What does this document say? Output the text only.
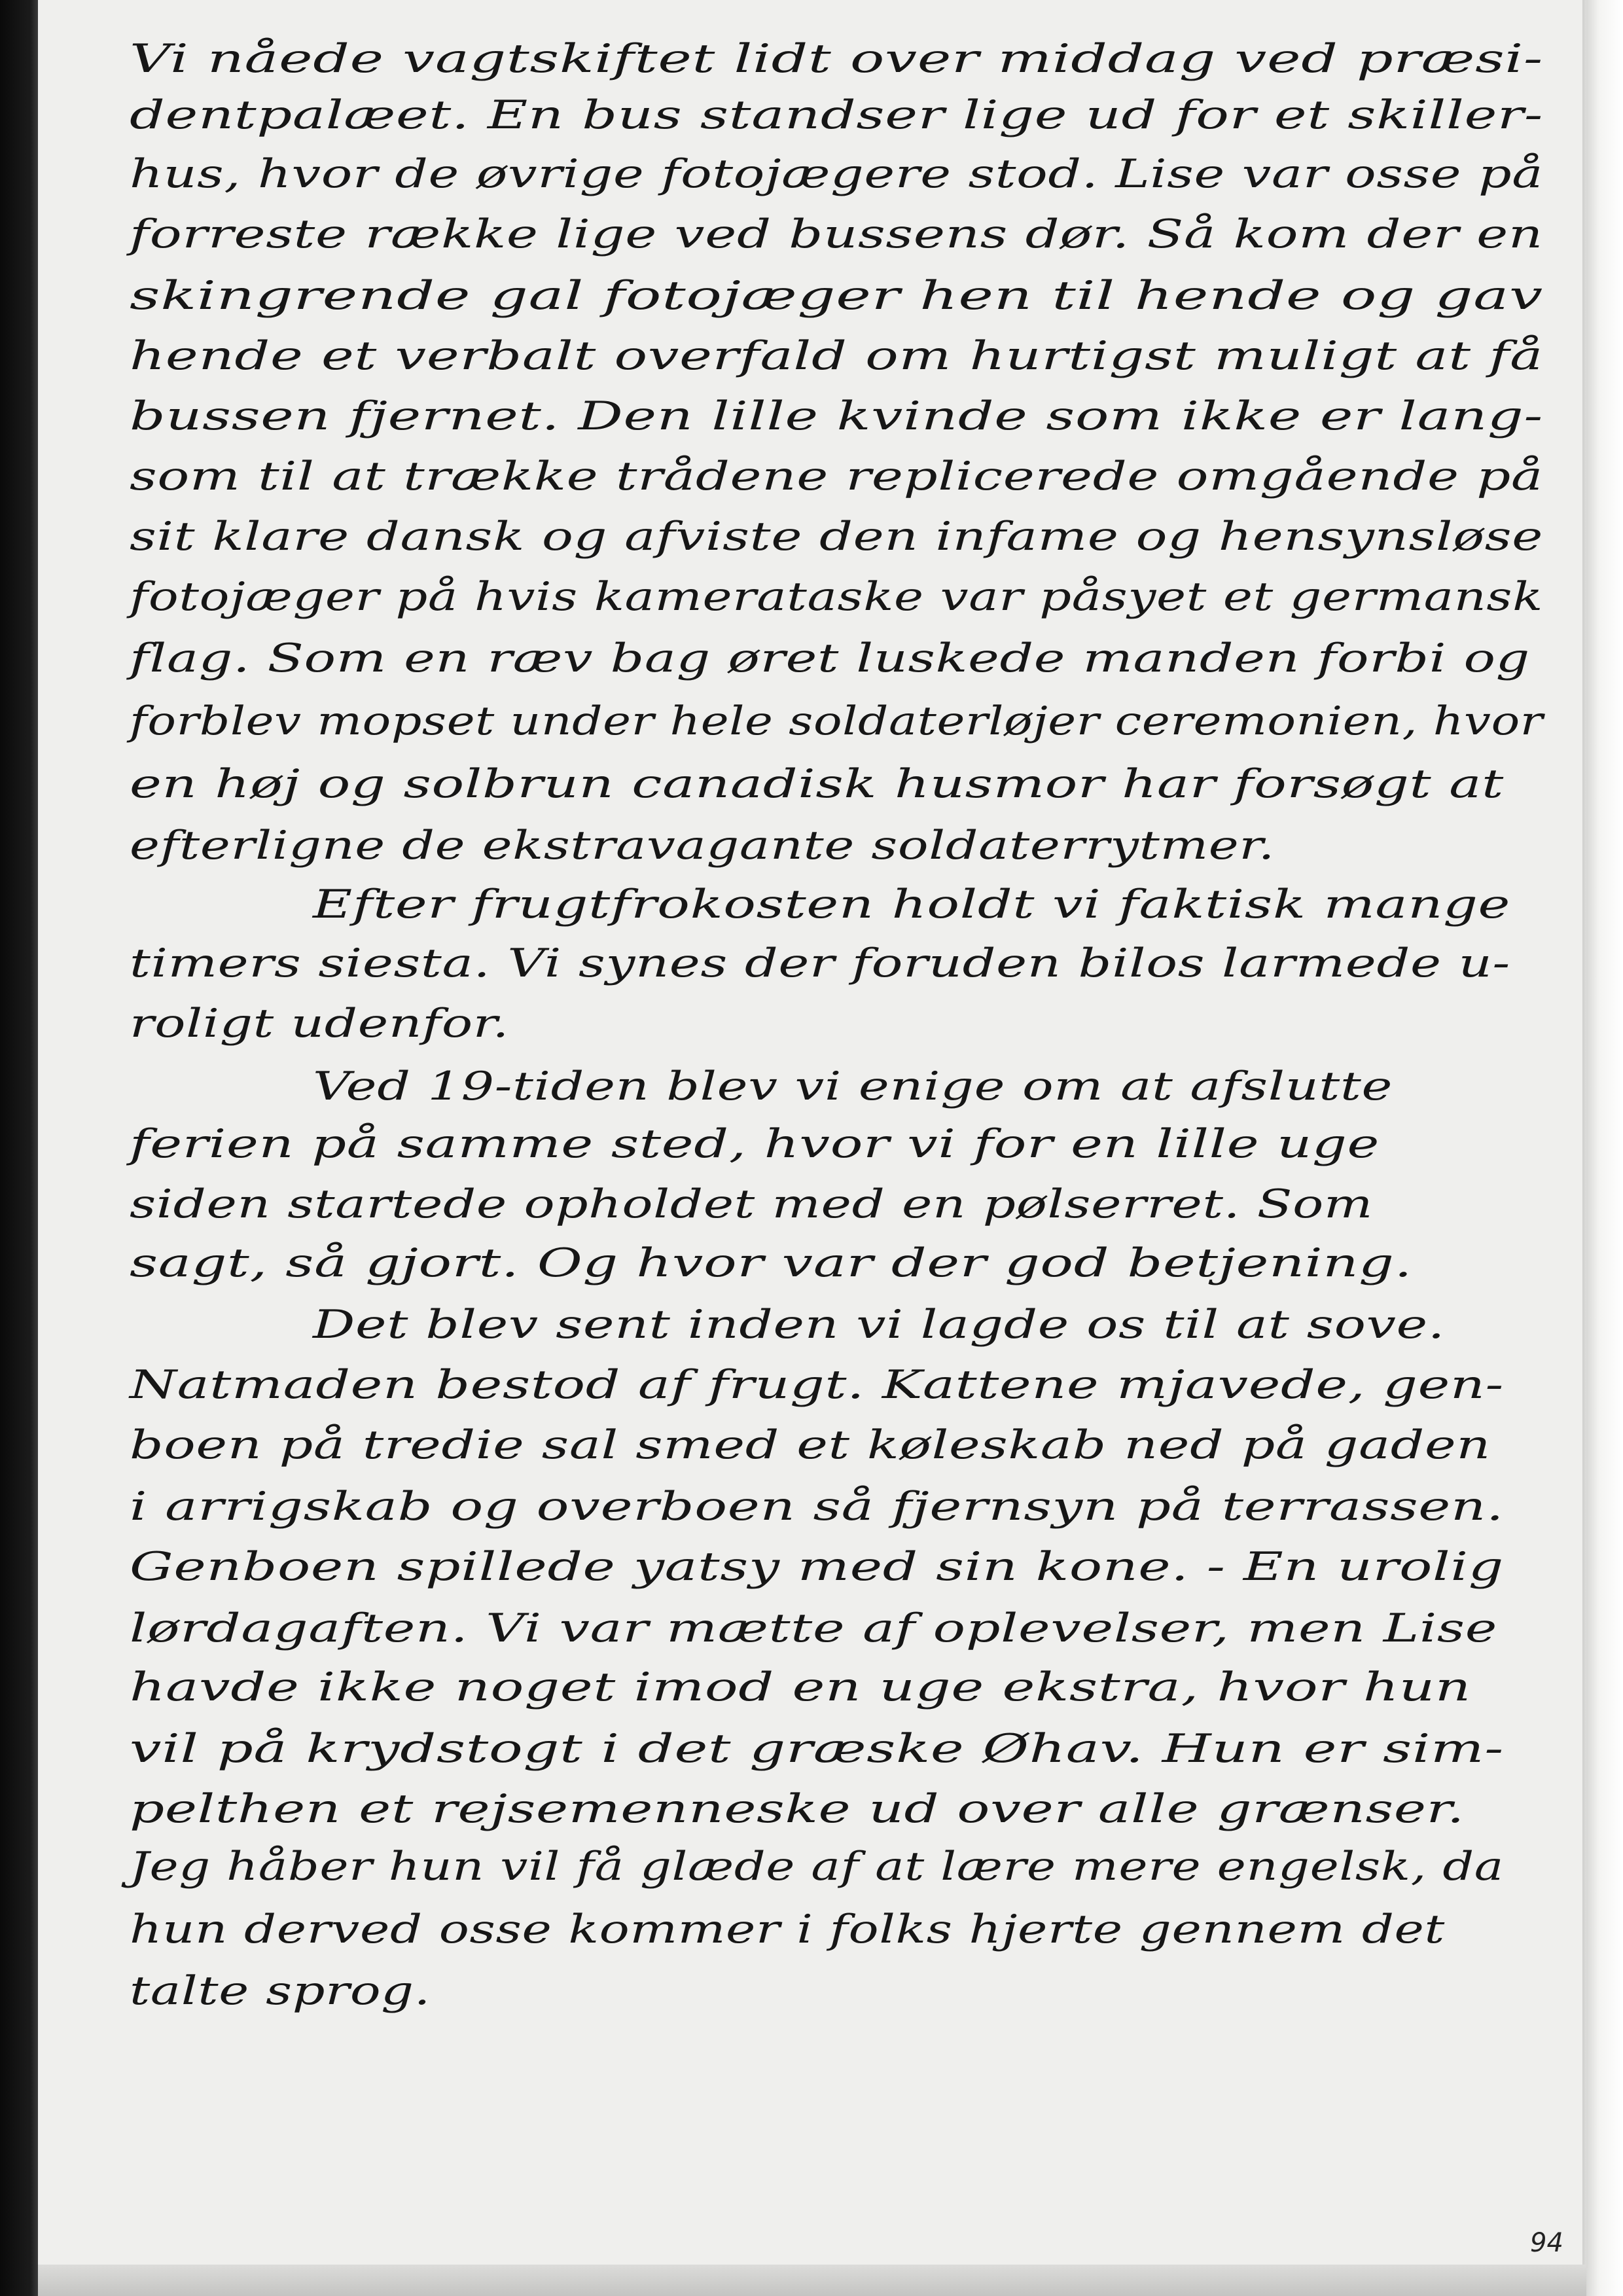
Vi nåede vagtskiftet lidt over middag ved præsi-

dentpalæet. En bus standser lige ud for et skiller-

hus, hvor de øvrige fotojægere stod. Lise var osse på

forreste række lige ved bussens dør. Så kom der en

skingrende gal fotojæger hen til hende og gav

hende et verbalt overfald om hurtigst muligt at få

bussen fjernet. Den lille kvinde som ikke er lang-

som til at trække trådene replicerede omgående på

sit klare dansk og afviste den infame og hensynsløse

fotojæger på hvis kamerataske var påsyet et germansk

flag. Som en ræv bag øret luskede manden forbi og

forblev mopset under hele soldaterløjer ceremonien, hvor

en høj og solbrun canadisk husmor har forsøgt at

efterligne de ekstravagante soldaterrytmer.

Efter frugtfrokosten holdt vi faktisk mange

timers siesta. Vi synes der foruden bilos larmede u-

roligt udenfor.

Ved 19-tiden blev vi enige om at afslutte

ferien på samme sted, hvor vi for en lille uge

siden startede opholdet med en pølserret. Som

sagt, så gjort. Og hvor var der god betjening.

Det blev sent inden vi lagde os til at sove.

Natmaden bestod af frugt. Kattene mjavede, gen-

boen på tredie sal smed et køleskab ned på gaden

i arrigskab og overboen så fjernsyn på terrassen.

Genboen spillede yatsy med sin kone. - En urolig

lørdagaften. Vi var mætte af oplevelser, men Lise

havde ikke noget imod en uge ekstra, hvor hun

vil på krydstogt i det græske Øhav. Hun er sim-

pelthen et rejsemenneske ud over alle grænser.

Jeg håber hun vil få glæde af at lære mere engelsk, da

hun derved osse kommer i folks hjerte gennem det

talte sprog.

94
